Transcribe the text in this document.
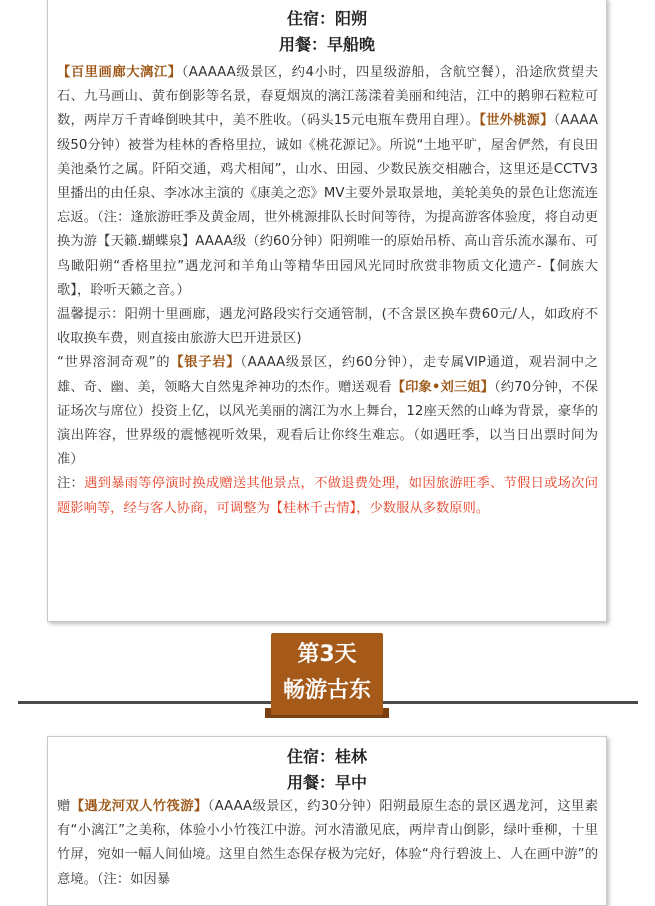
住宿：阳朔
用餐：早船晚

【百里画廊大漓江】（AAAAA级景区，约4小时，四星级游船，含航空餐），沿途欣赏望夫石、九马画山、黄布倒影等名景，春夏烟岚的漓江荡漾着美丽和纯洁，江中的鹅卵石粒粒可数，两岸万千青峰倒映其中，美不胜收。（码头15元电瓶车费用自理）。【世外桃源】（AAAA级50分钟）被誉为桂林的香格里拉，诚如《桃花源记》。所说“土地平旷，屋舍俨然，有良田美池桑竹之属。阡陌交通，鸡犬相闻”，山水、田园、少数民族交相融合，这里还是CCTV3里播出的由任泉、李冰冰主演的《康美之恋》MV主要外景取景地，美轮美奂的景色让您流连忘返。（注：逢旅游旺季及黄金周，世外桃源排队长时间等待，为提高游客体验度，将自动更换为游【天籁.蝴蝶泉】AAAA级（约60分钟）阳朔唯一的原始吊桥、高山音乐流水瀑布、可鸟瞰阳朔“香格里拉”遇龙河和羊角山等精华田园风光同时欣赏非物质文化遗产-【侗族大歌】，聆听天籁之音。）

温馨提示：阳朔十里画廊，遇龙河路段实行交通管制，(不含景区换车费60元/人，如政府不收取换车费，则直接由旅游大巴开进景区)

“世界溶洞奇观”的【银子岩】（AAAA级景区，约60分钟），走专属VIP通道，观岩洞中之雄、奇、幽、美，领略大自然鬼斧神功的杰作。赠送观看【印象•刘三姐】（约70分钟，不保证场次与席位）投资上亿，以风光美丽的漓江为水上舞台，12座天然的山峰为背景，豪华的演出阵容，世界级的震憾视听效果，观看后让你终生难忘。（如遇旺季，以当日出票时间为准）

注：遇到暴雨等停演时换成赠送其他景点，不做退费处理，如因旅游旺季、节假日或场次问题影响等，经与客人协商，可调整为【桂林千古情】，少数服从多数原则。

第3天
畅游古东
住宿：桂林
用餐：早中

赠【遇龙河双人竹筏游】（AAAA级景区，约30分钟）阳朔最原生态的景区遇龙河，这里素有“小漓江”之美称，体验小小竹筏江中游。河水清澈见底，两岸青山倒影，绿叶垂柳，十里竹屏，宛如一幅人间仙境。这里自然生态保存极为完好，体验“舟行碧波上、人在画中游”的意境。（注：如因暴
